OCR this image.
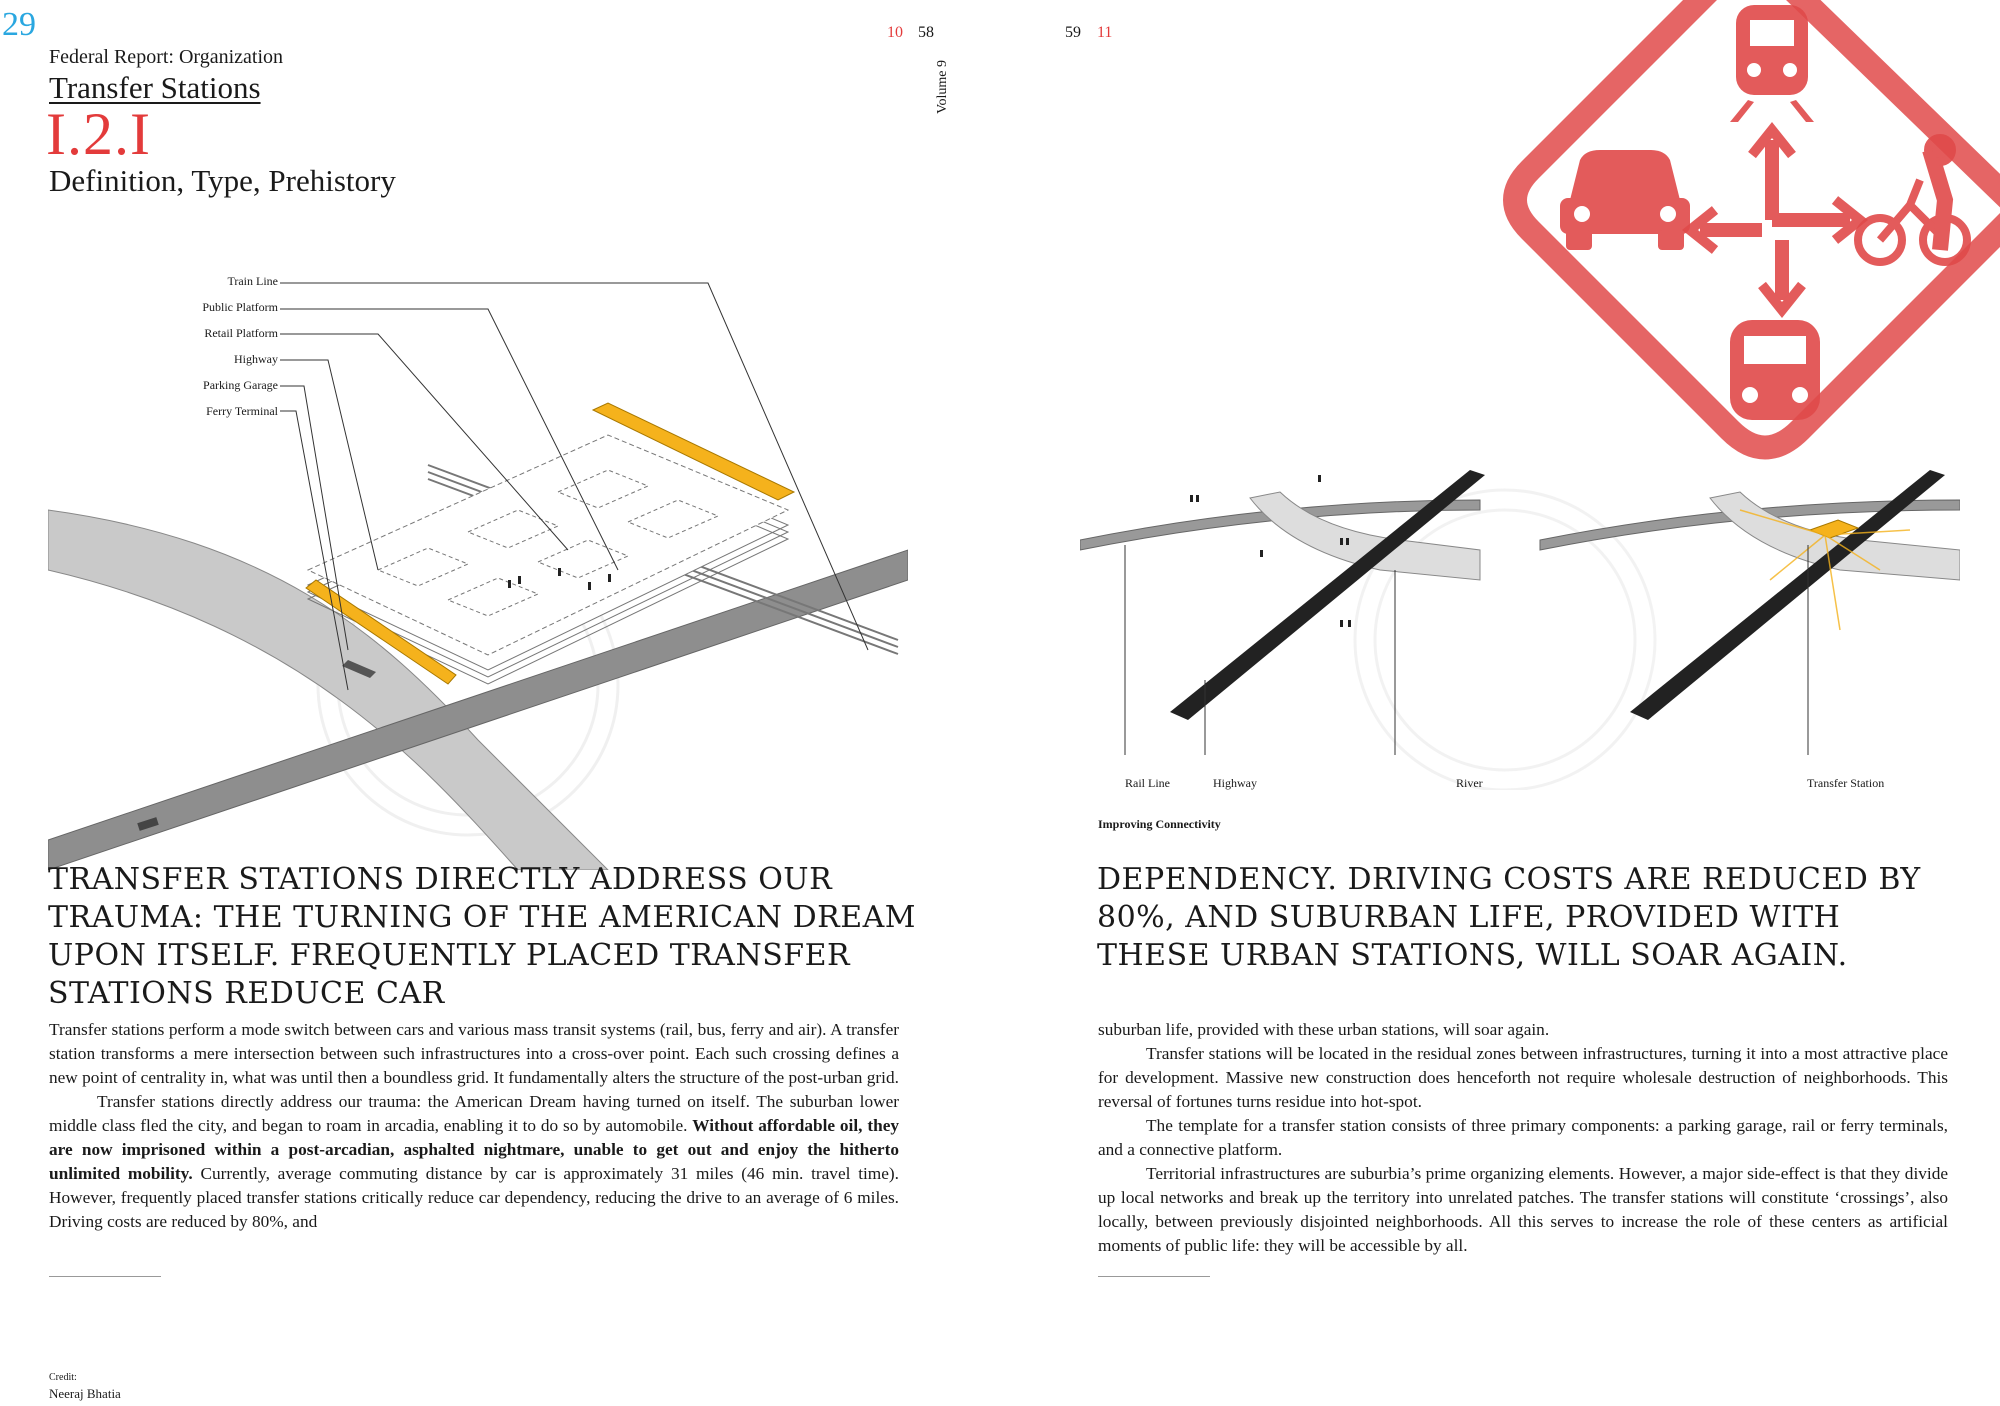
29
Federal Report: Organization
Transfer Stations
I.2.I
Definition, Type, Prehistory
10 58	59 11
Volume 9
Train Line
Public Platform
Retail Platform
Highway
Parking Garage
Ferry Terminal
Rail Line	Highway	River	Transfer Station
Improving Connectivity
TRANSFER STATIONS DIRECTLY ADDRESS OUR TRAUMA: THE TURNING OF THE AMERICAN DREAM UPON ITSELF. FREQUENTLY PLACED TRANSFER STATIONS REDUCE CAR
DEPENDENCY. DRIVING COSTS ARE REDUCED BY 80%, AND SUBURBAN LIFE, PROVIDED WITH THESE URBAN STATIONS, WILL SOAR AGAIN.

Transfer stations perform a mode switch between cars and various mass transit systems (rail, bus, ferry and air). A transfer station transforms a mere intersection between such infrastructures into a cross-over point. Each such crossing defines a new point of centrality in, what was until then a boundless grid. It fundamentally alters the structure of the post-urban grid.

Transfer stations directly address our trauma: the American Dream having turned on itself. The suburban lower middle class fled the city, and began to roam in arcadia, enabling it to do so by automobile. Without affordable oil, they are now imprisoned within a post-arcadian, asphalted nightmare, unable to get out and enjoy the hitherto unlimited mobility. Currently, average commuting distance by car is approximately 31 miles (46 min. travel time). However, frequently placed transfer stations critically reduce car dependency, reducing the drive to an average of 6 miles. Driving costs are reduced by 80%, and

suburban life, provided with these urban stations, will soar again.

Transfer stations will be located in the residual zones between infrastructures, turning it into a most attractive place for development. Massive new construction does henceforth not require wholesale destruction of neighborhoods. This reversal of fortunes turns residue into hot-spot.

The template for a transfer station consists of three primary components: a parking garage, rail or ferry terminals, and a connective platform.

Territorial infrastructures are suburbia’s prime organizing elements. However, a major side-effect is that they divide up local networks and break up the territory into unrelated patches. The transfer stations will constitute ‘crossings’, also locally, between previously disjointed neighborhoods. All this serves to increase the role of these centers as artificial moments of public life: they will be accessible by all.

Credit:
Neeraj Bhatia
